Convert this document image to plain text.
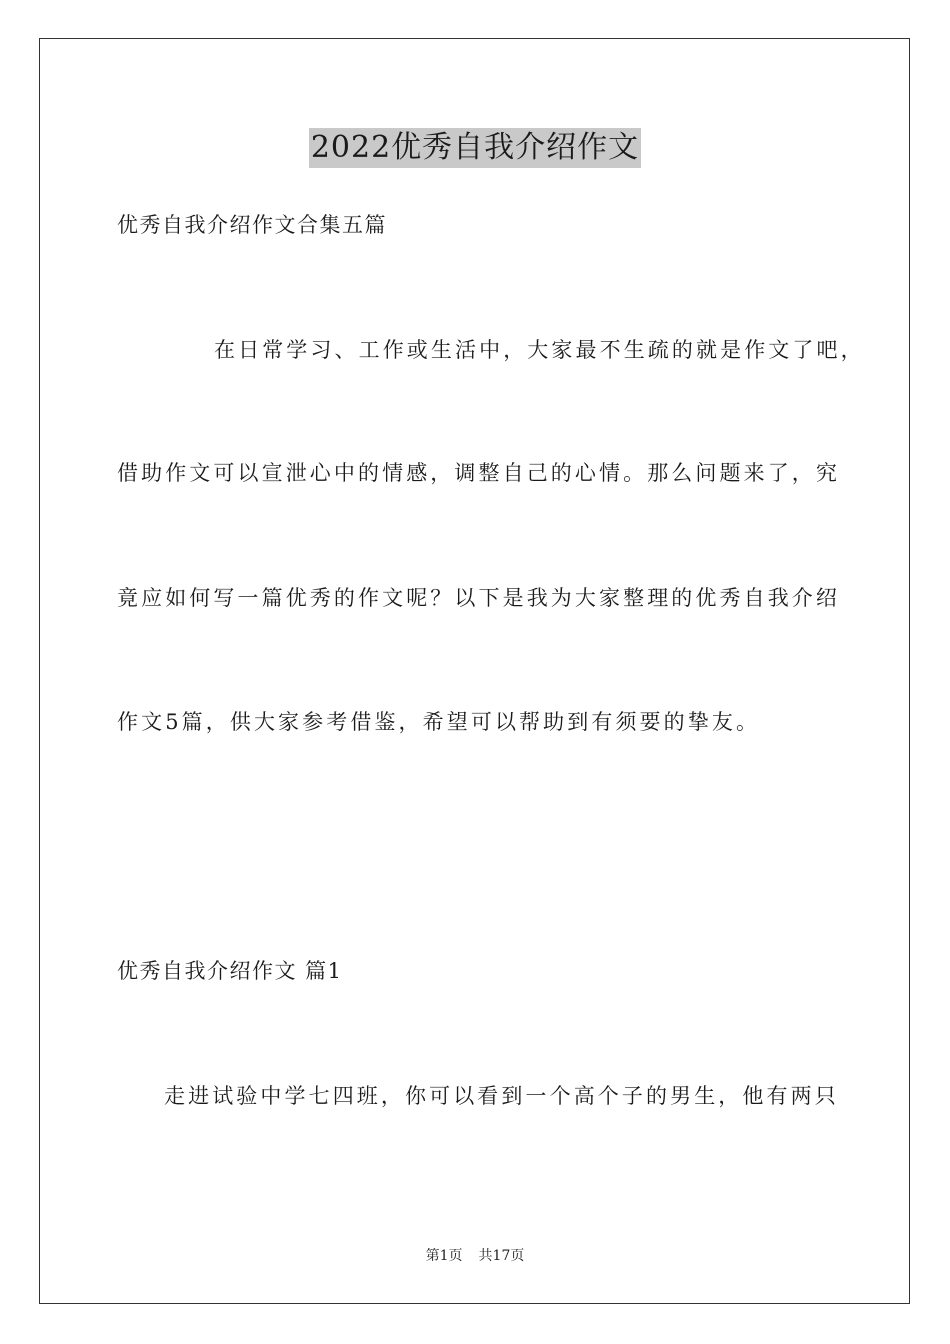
2022优秀自我介绍作文

优秀自我介绍作文合集五篇

在日常学习、工作或生活中，大家最不生疏的就是作文了吧，

借助作文可以宣泄心中的情感，调整自己的心情。那么问题来了，究

竟应如何写一篇优秀的作文呢？以下是我为大家整理的优秀自我介绍

作文5篇，供大家参考借鉴，希望可以帮助到有须要的挚友。

优秀自我介绍作文 篇1

走进试验中学七四班，你可以看到一个高个子的男生，他有两只

第1页 共17页
